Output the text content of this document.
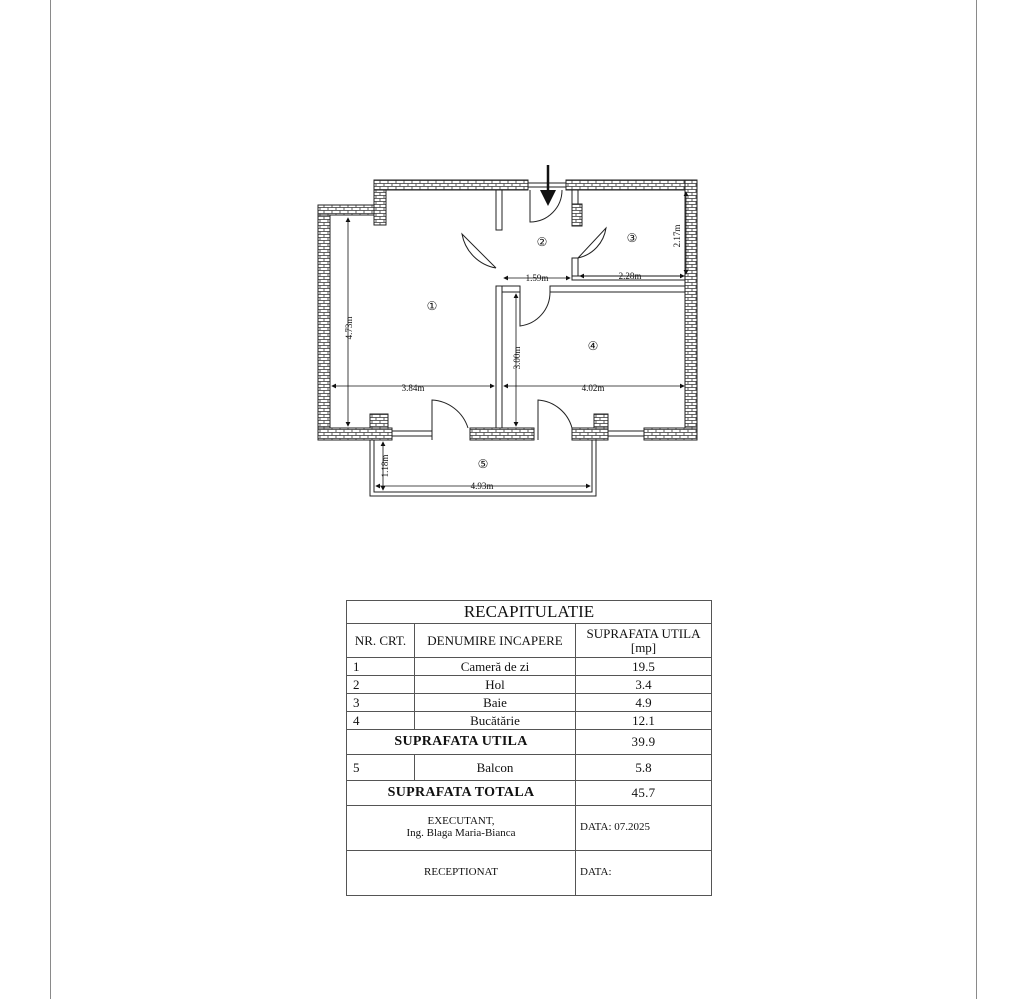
4.73m
3.84m
1.59m	2.28m
2.17m
3.00m
4.02m
1.18m
4.93m
①
②	③
④
⑤
RECAPITULATIE		
NR. CRT.	DENUMIRE INCAPERE	SUPRAFATA UTILA [mp]
1	Cameră de zi	19.5
2	Hol	3.4
3	Baie	4.9
4	Bucătărie	12.1
SUPRAFATA UTILA		39.9
5	Balcon	5.8
SUPRAFATA TOTALA		45.7

EXECUTANT,
Ing. Blaga Maria-Bianca		DATA: 07.2025
RECEPTIONAT		DATA:
